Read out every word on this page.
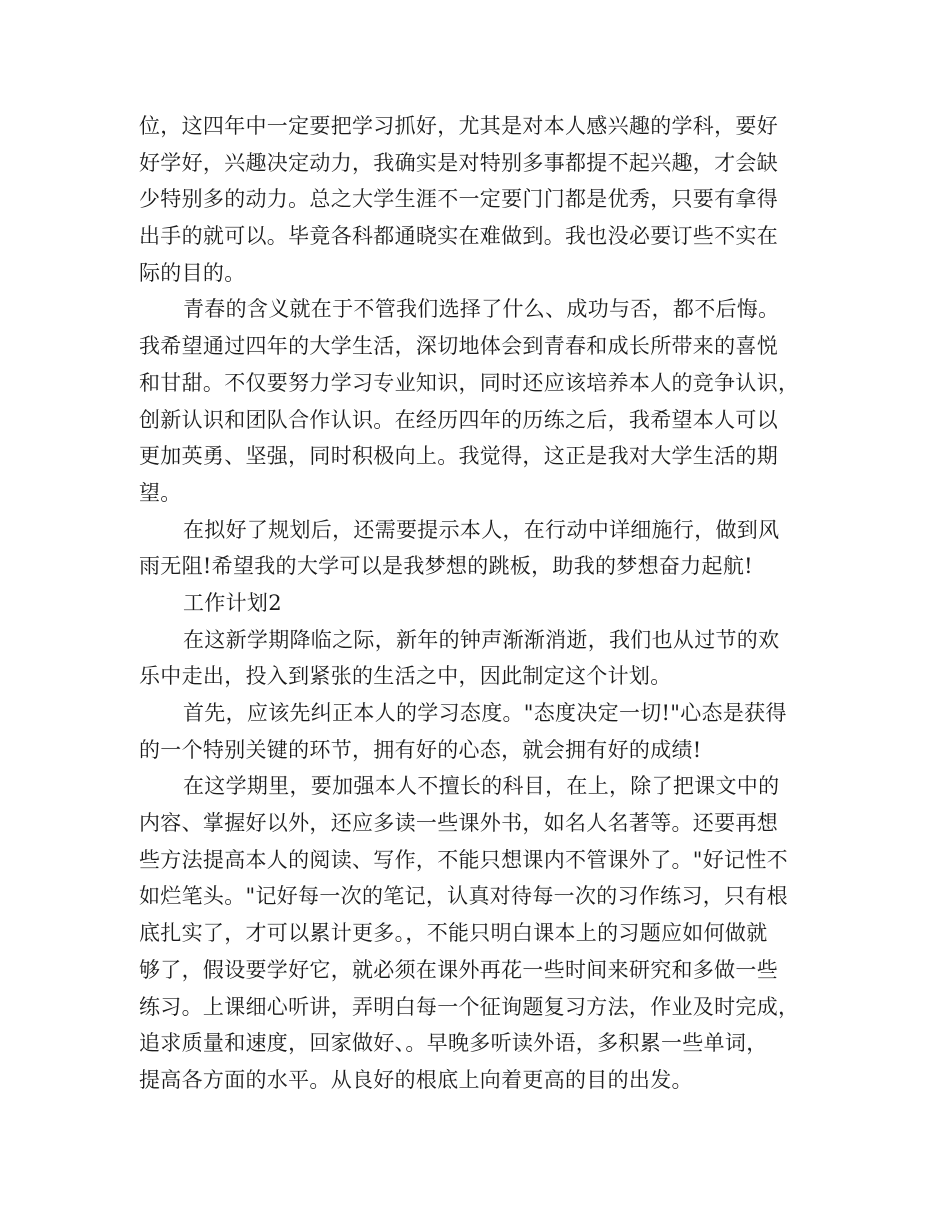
位，这四年中一定要把学习抓好，尤其是对本人感兴趣的学科，要好
好学好，兴趣决定动力，我确实是对特别多事都提不起兴趣，才会缺
少特别多的动力。总之大学生涯不一定要门门都是优秀，只要有拿得
出手的就可以。毕竟各科都通晓实在难做到。我也没必要订些不实在
际的目的。
青春的含义就在于不管我们选择了什么、成功与否，都不后悔。
我希望通过四年的大学生活，深切地体会到青春和成长所带来的喜悦
和甘甜。不仅要努力学习专业知识，同时还应该培养本人的竞争认识，
创新认识和团队合作认识。在经历四年的历练之后，我希望本人可以
更加英勇、坚强，同时积极向上。我觉得，这正是我对大学生活的期
望。
在拟好了规划后，还需要提示本人，在行动中详细施行，做到风
雨无阻!希望我的大学可以是我梦想的跳板，助我的梦想奋力起航!
工作计划2
在这新学期降临之际，新年的钟声渐渐消逝，我们也从过节的欢
乐中走出，投入到紧张的生活之中，因此制定这个计划。
首先，应该先纠正本人的学习态度。"态度决定一切!"心态是获得
的一个特别关键的环节，拥有好的心态，就会拥有好的成绩!
在这学期里，要加强本人不擅长的科目，在上，除了把课文中的
内容、掌握好以外，还应多读一些课外书，如名人名著等。还要再想
些方法提高本人的阅读、写作，不能只想课内不管课外了。"好记性不
如烂笔头。"记好每一次的笔记，认真对待每一次的习作练习，只有根
底扎实了，才可以累计更多。，不能只明白课本上的习题应如何做就
够了，假设要学好它，就必须在课外再花一些时间来研究和多做一些
练习。上课细心听讲，弄明白每一个征询题复习方法，作业及时完成，
追求质量和速度，回家做好、。早晚多听读外语，多积累一些单词，
提高各方面的水平。从良好的根底上向着更高的目的出发。
